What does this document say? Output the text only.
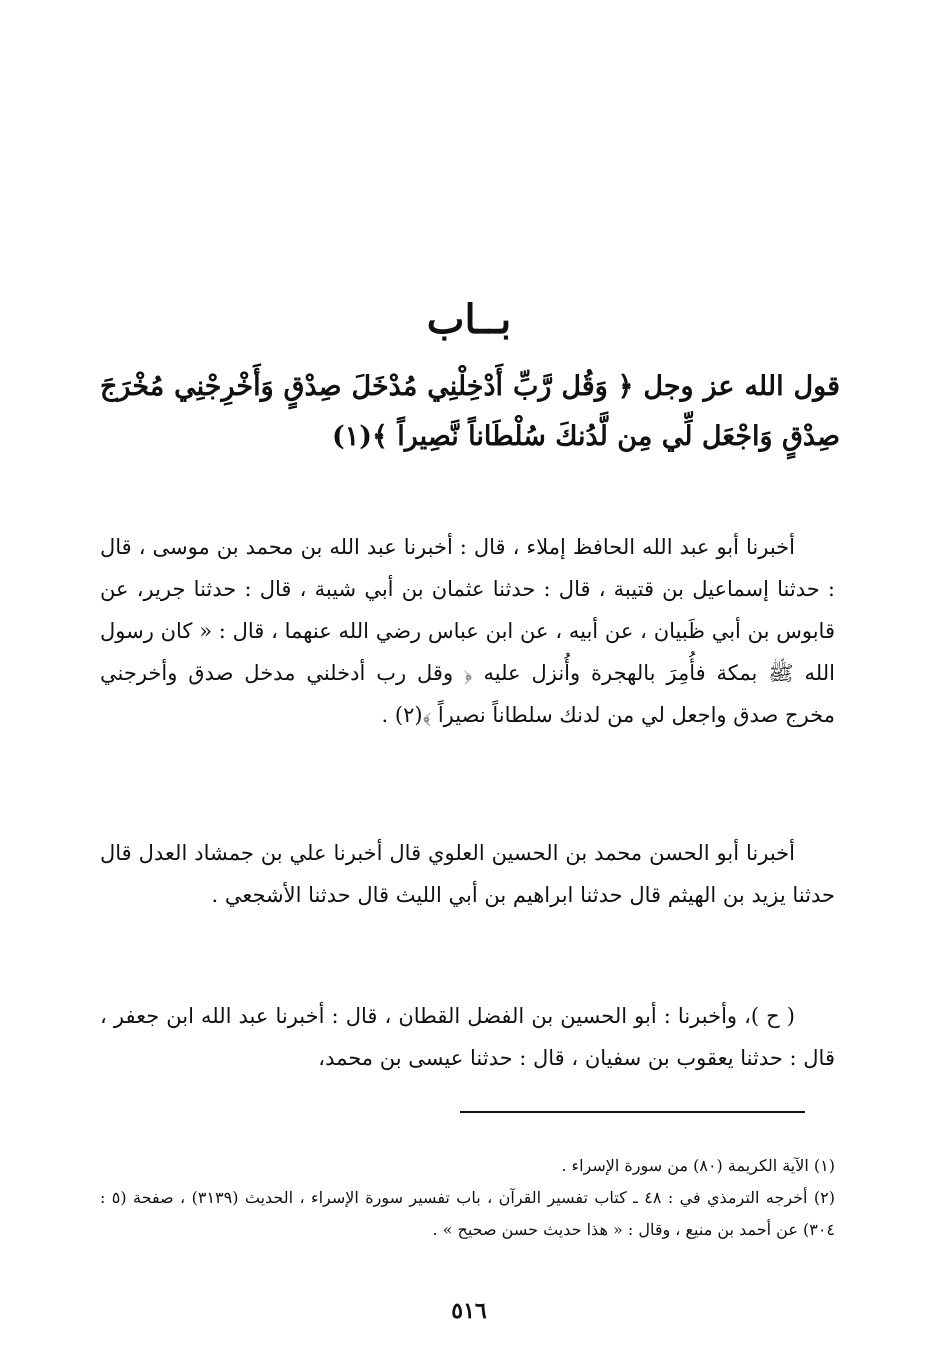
بــاب
قول الله عز وجل ﴿ وَقُل رَّبِّ أَدْخِلْنِي مُدْخَلَ صِدْقٍ وَأَخْرِجْنِي مُخْرَجَ صِدْقٍ وَاجْعَل لِّي مِن لَّدُنكَ سُلْطَاناً نَّصِيراً ﴾(١)
أخبرنا أبو عبد الله الحافظ إملاء ، قال : أخبرنا عبد الله بن محمد بن موسى ، قال : حدثنا إسماعيل بن قتيبة ، قال : حدثنا عثمان بن أبي شيبة ، قال : حدثنا جرير، عن قابوس بن أبي ظَبيان ، عن أبيه ، عن ابن عباس رضي الله عنهما ، قال : « كان رسول الله ﷺ بمكة فأُمِرَ بالهجرة وأُنزل عليه ﴿ وقل رب أدخلني مدخل صدق وأخرجني مخرج صدق واجعل لي من لدنك سلطاناً نصيراً ﴾(٢) .
أخبرنا أبو الحسن محمد بن الحسين العلوي قال أخبرنا علي بن جمشاد العدل قال حدثنا يزيد بن الهيثم قال حدثنا ابراهيم بن أبي الليث قال حدثنا الأشجعي .
( ح )، وأخبرنا : أبو الحسين بن الفضل القطان ، قال : أخبرنا عبد الله ابن جعفر ، قال : حدثنا يعقوب بن سفيان ، قال : حدثنا عيسى بن محمد،

(١) الآية الكريمة (٨٠) من سورة الإسراء .

(٢) أخرجه الترمذي في : ٤٨ ـ كتاب تفسير القرآن ، باب تفسير سورة الإسراء ، الحديث (٣١٣٩) ، صفحة (٥ : ٣٠٤) عن أحمد بن منيع ، وقال : « هذا حديث حسن صحيح » .

٥١٦
